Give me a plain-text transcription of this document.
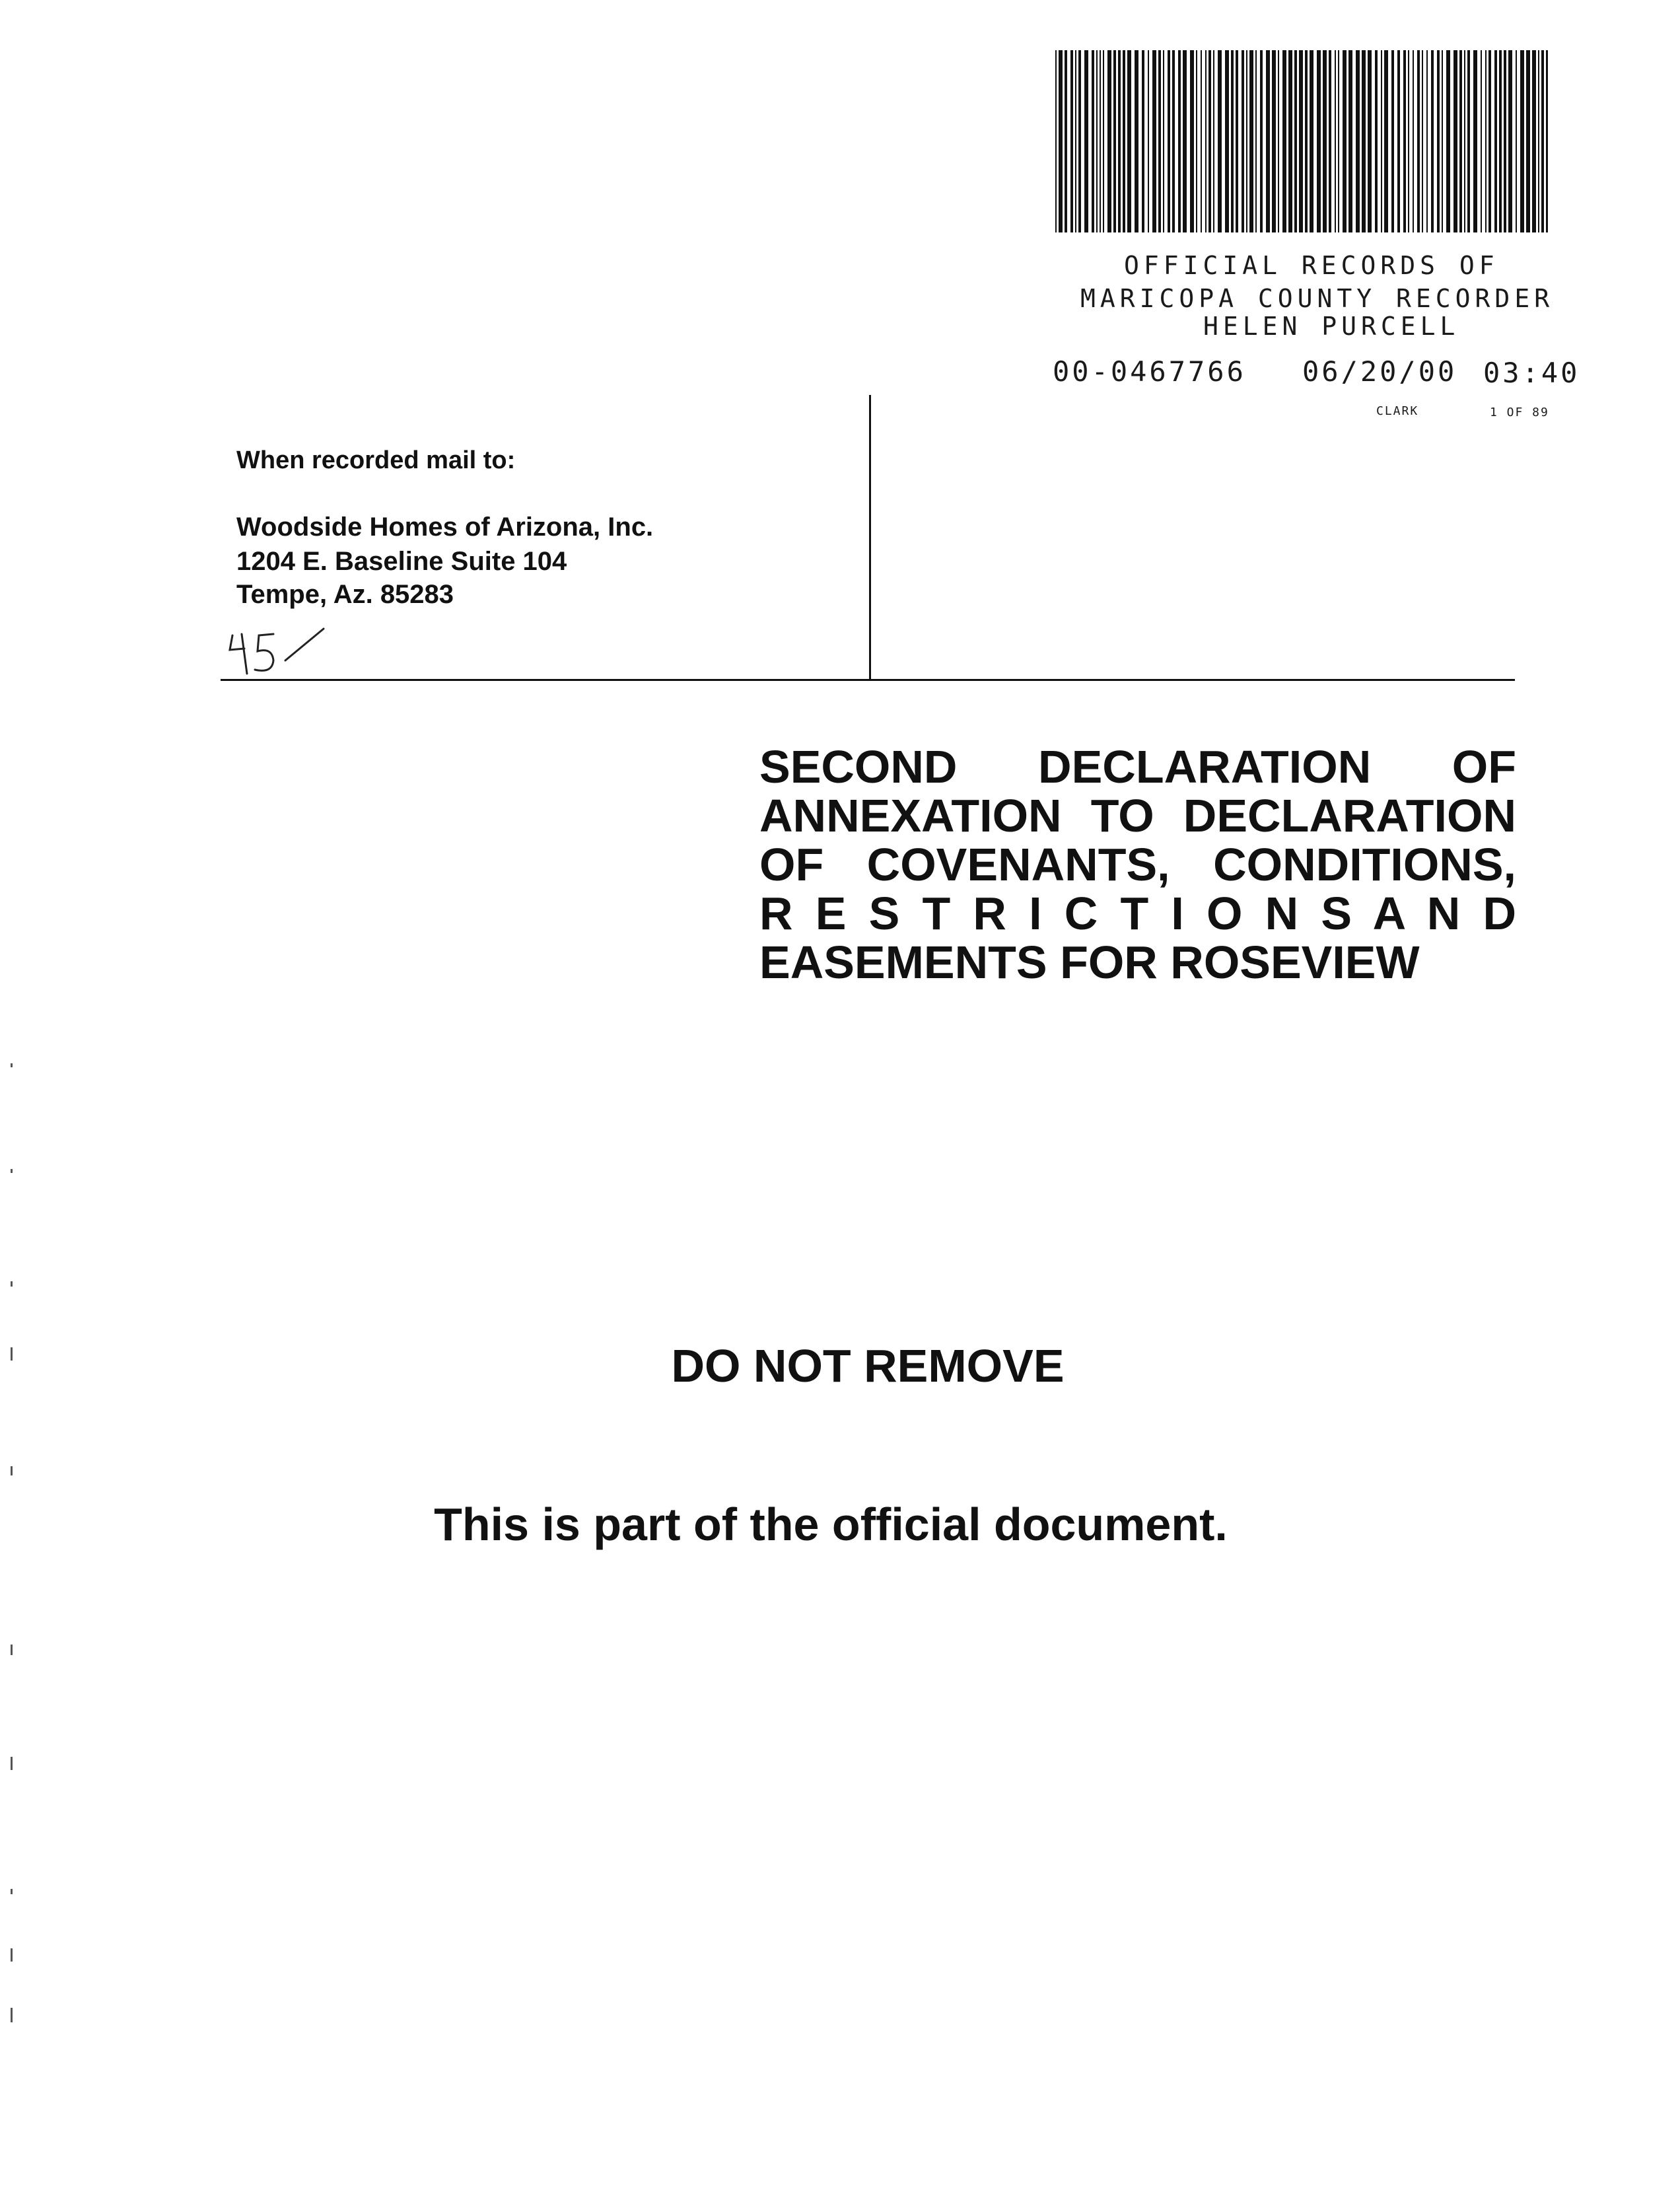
OFFICIAL RECORDS OF
MARICOPA COUNTY RECORDER
HELEN PURCELL
00-0467766 06/20/00 03:40
CLARK	1 OF 89
When recorded mail to:
Woodside Homes of Arizona, Inc.
1204 E. Baseline Suite 104
Tempe, Az. 85283
SECOND DECLARATION OF
ANNEXATION TO DECLARATION
OF COVENANTS, CONDITIONS,
R E S T R I C T I O N S A N D
EASEMENTS FOR ROSEVIEW
DO NOT REMOVE
This is part of the official document.
